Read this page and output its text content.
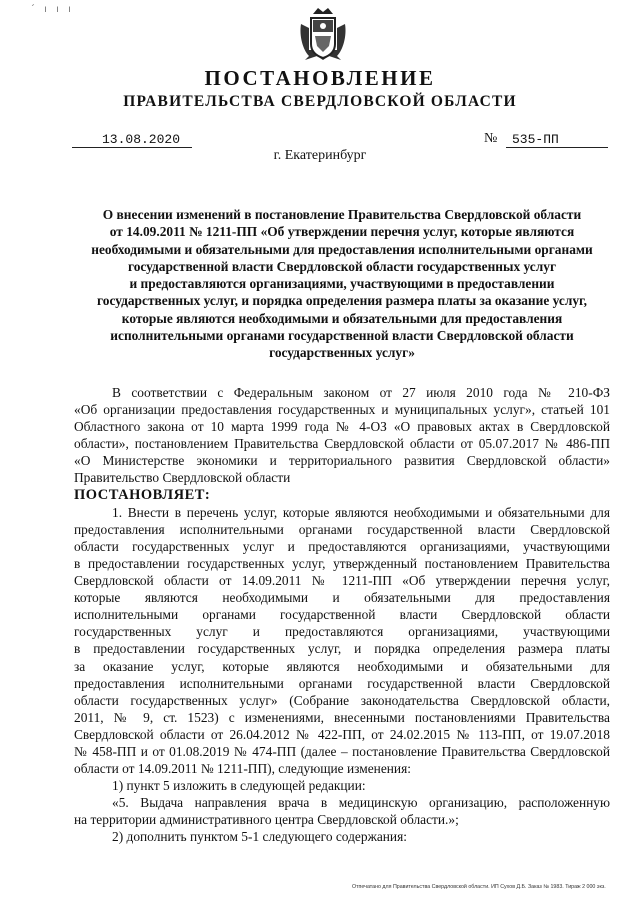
ˊ ı ı ı
ПОСТАНОВЛЕНИЕ
ПРАВИТЕЛЬСТВА СВЕРДЛОВСКОЙ ОБЛАСТИ
13.08.2020	№	535-ПП
г. Екатеринбург
О внесении изменений в постановление Правительства Свердловской области
от 14.09.2011 № 1211-ПП «Об утверждении перечня услуг, которые являются
необходимыми и обязательными для предоставления исполнительными органами
государственной власти Свердловской области государственных услуг
и предоставляются организациями, участвующими в предоставлении
государственных услуг, и порядка определения размера платы за оказание услуг,
которые являются необходимыми и обязательными для предоставления
исполнительными органами государственной власти Свердловской области
государственных услуг»
В соответствии с Федеральным законом от 27 июля 2010 года № 210-ФЗ
«Об организации предоставления государственных и муниципальных услуг», статьей 101
Областного закона от 10 марта 1999 года № 4-ОЗ «О правовых актах в Свердловской
области», постановлением Правительства Свердловской области от 05.07.2017 № 486-ПП
«О Министерстве экономики и территориального развития Свердловской области»
Правительство Свердловской области
ПОСТАНОВЛЯЕТ:
1. Внести в перечень услуг, которые являются необходимыми и обязательными для
предоставления исполнительными органами государственной власти Свердловской
области государственных услуг и предоставляются организациями, участвующими
в предоставлении государственных услуг, утвержденный постановлением Правительства
Свердловской области от 14.09.2011 № 1211-ПП «Об утверждении перечня услуг,
которые являются необходимыми и обязательными для предоставления
исполнительными органами государственной власти Свердловской области
государственных услуг и предоставляются организациями, участвующими
в предоставлении государственных услуг, и порядка определения размера платы
за оказание услуг, которые являются необходимыми и обязательными для
предоставления исполнительными органами государственной власти Свердловской
области государственных услуг» (Собрание законодательства Свердловской области,
2011, № 9, ст. 1523) с изменениями, внесенными постановлениями Правительства
Свердловской области от 26.04.2012 № 422-ПП, от 24.02.2015 № 113-ПП, от 19.07.2018
№ 458-ПП и от 01.08.2019 № 474-ПП (далее – постановление Правительства Свердловской
области от 14.09.2011 № 1211-ПП), следующие изменения:
1) пункт 5 изложить в следующей редакции:
«5. Выдача направления врача в медицинскую организацию, расположенную
на территории административного центра Свердловской области.»;
2) дополнить пунктом 5-1 следующего содержания:
Отпечатано для Правительства Свердловской области. ИП Сухов Д.Б. Заказ № 1983. Тираж 2 000 экз.
